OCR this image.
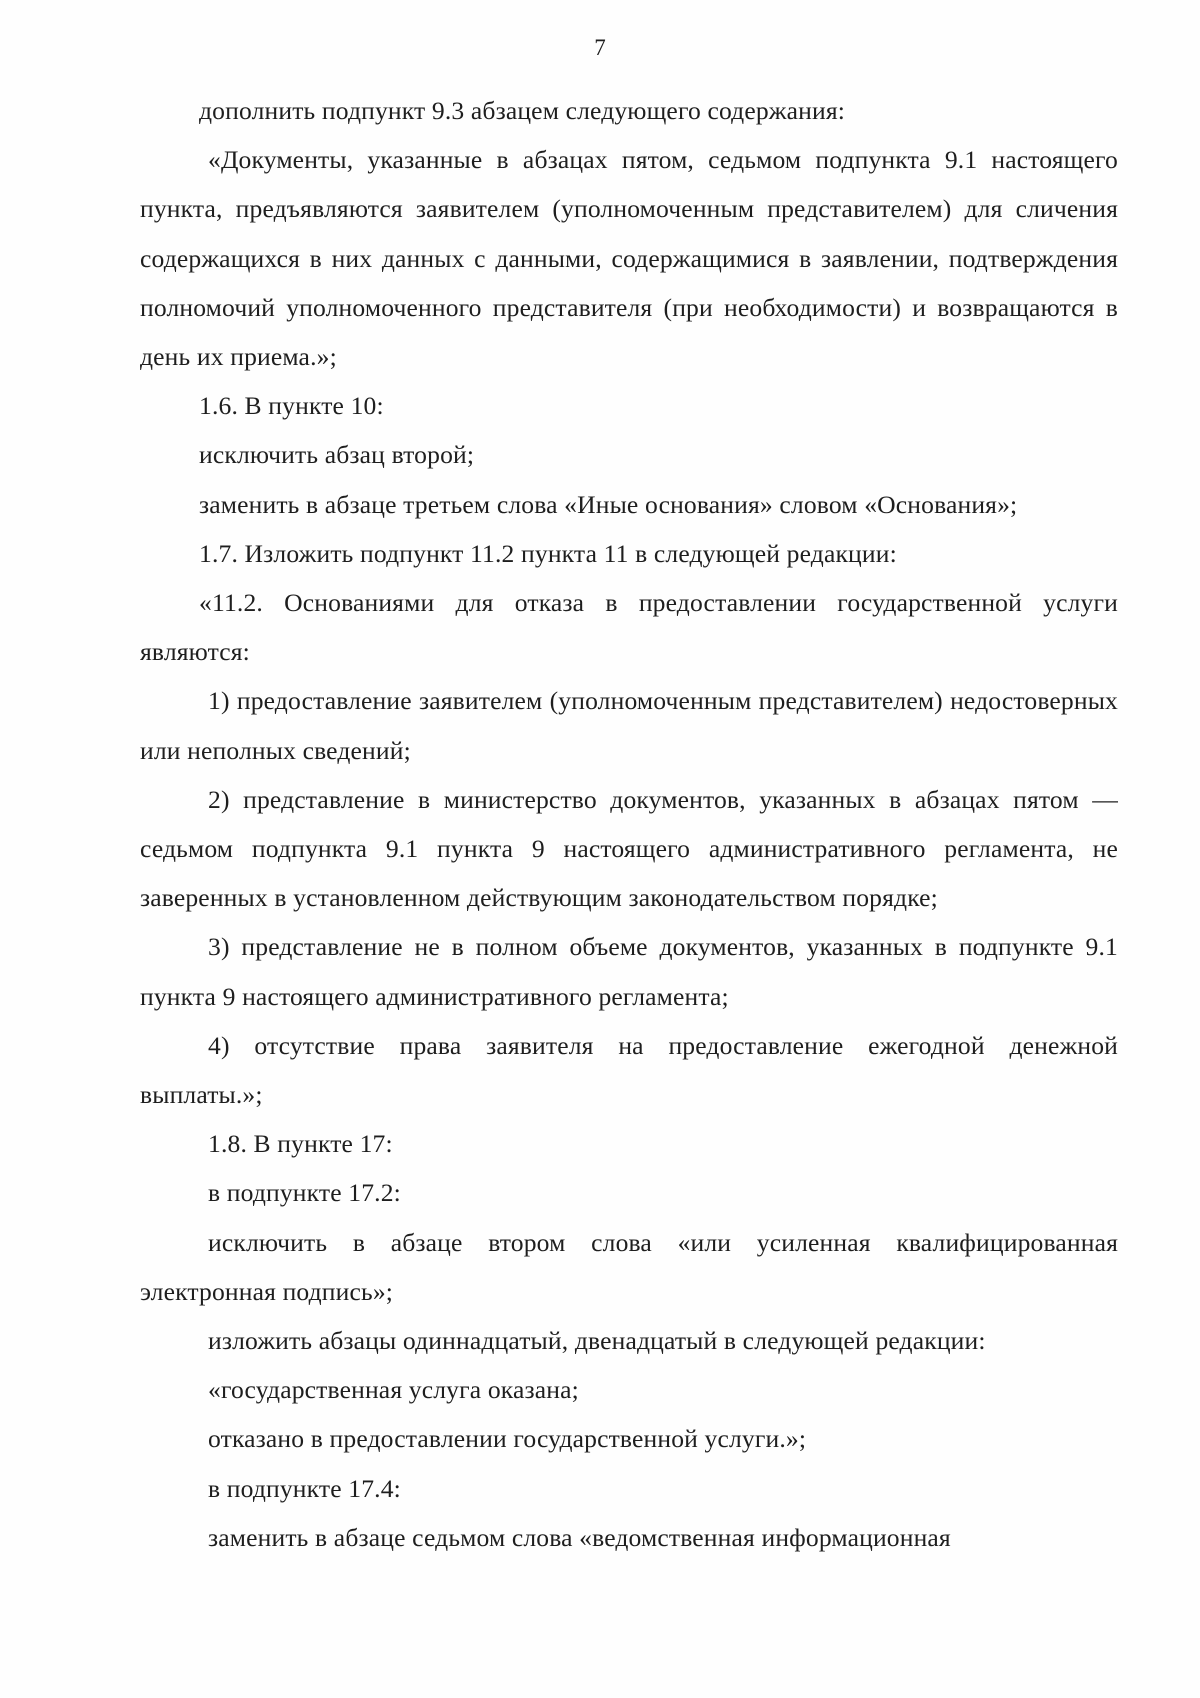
7

дополнить подпункт 9.3 абзацем следующего содержания:

«Документы, указанные в абзацах пятом, седьмом подпункта 9.1 настоящего пункта, предъявляются заявителем (уполномоченным представителем) для сличения содержащихся в них данных с данными, содержащимися в заявлении, подтверждения полномочий уполномоченного представителя (при необходимости) и возвращаются в день их приема.»;

1.6. В пункте 10:

исключить абзац второй;

заменить в абзаце третьем слова «Иные основания» словом «Основания»;

1.7. Изложить подпункт 11.2 пункта 11 в следующей редакции:

«11.2. Основаниями для отказа в предоставлении государственной услуги являются:

1) предоставление заявителем (уполномоченным представителем) недостоверных или неполных сведений;

2) представление в министерство документов, указанных в абзацах пятом — седьмом подпункта 9.1 пункта 9 настоящего административного регламента, не заверенных в установленном действующим законодательством порядке;

3) представление не в полном объеме документов, указанных в подпункте 9.1 пункта 9 настоящего административного регламента;

4) отсутствие права заявителя на предоставление ежегодной денежной выплаты.»;

1.8. В пункте 17:

в подпункте 17.2:

исключить в абзаце втором слова «или усиленная квалифицированная электронная подпись»;

изложить абзацы одиннадцатый, двенадцатый в следующей редакции:

«государственная услуга оказана;

отказано в предоставлении государственной услуги.»;

в подпункте 17.4:

заменить в абзаце седьмом слова «ведомственная информационная
